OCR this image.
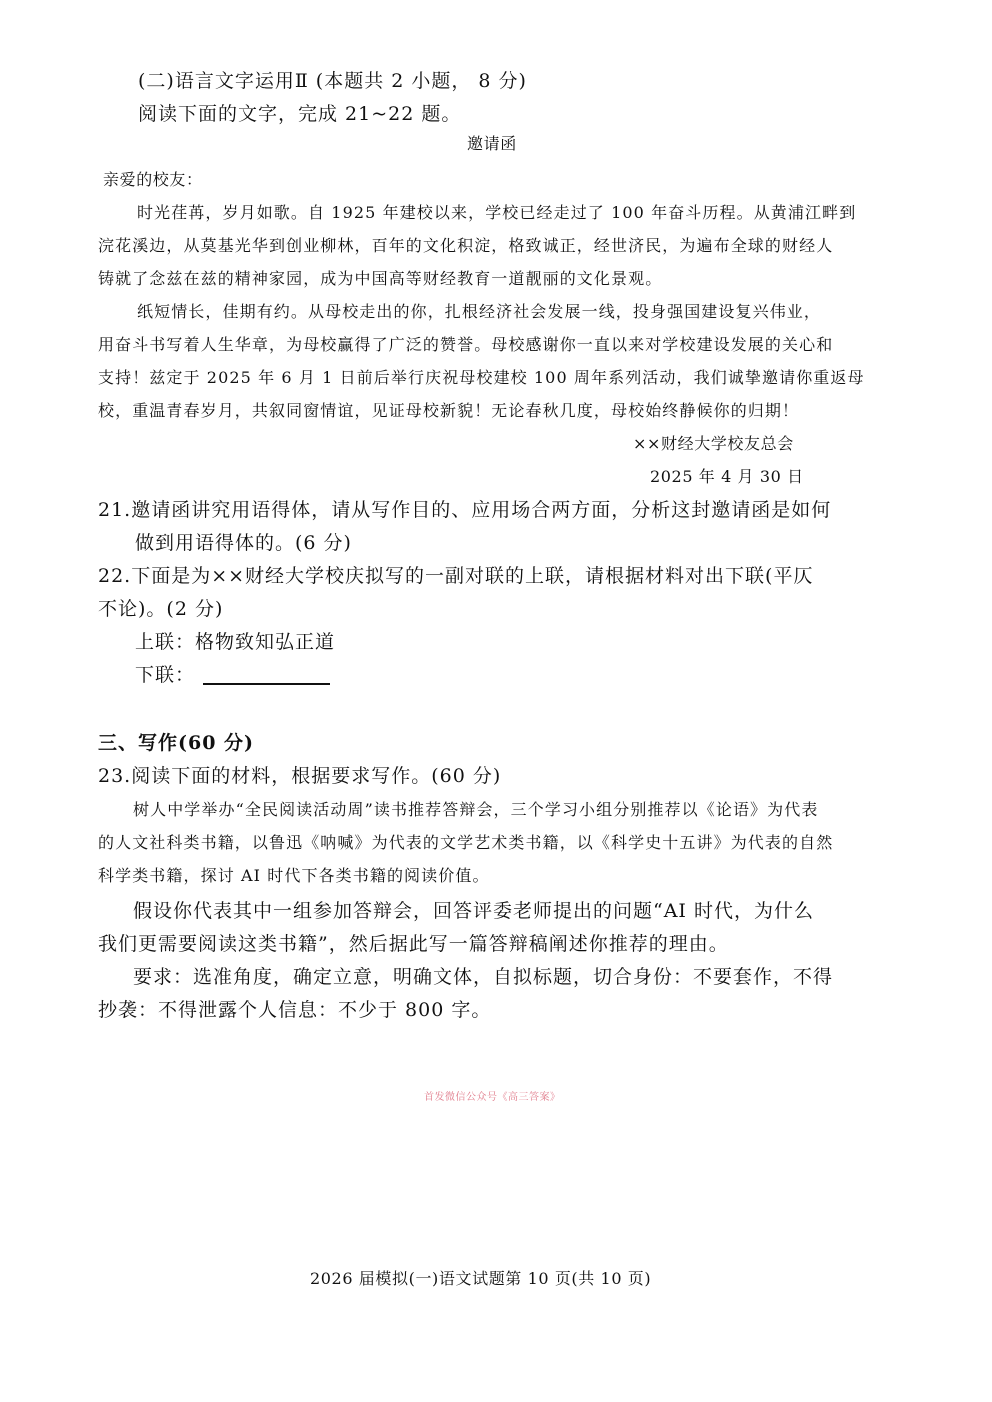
(二)语言文字运用Ⅱ (本题共 2 小题， 8 分)
阅读下面的文字，完成 21~22 题。
邀请函
亲爱的校友：
时光荏苒，岁月如歌。自 1925 年建校以来，学校已经走过了 100 年奋斗历程。从黄浦江畔到
浣花溪边，从莫基光华到创业柳林，百年的文化积淀，格致诚正，经世济民，为遍布全球的财经人
铸就了念兹在兹的精神家园，成为中国高等财经教育一道靓丽的文化景观。
纸短情长，佳期有约。从母校走出的你，扎根经济社会发展一线，投身强国建设复兴伟业，
用奋斗书写着人生华章，为母校赢得了广泛的赞誉。母校感谢你一直以来对学校建设发展的关心和
支持！兹定于 2025 年 6 月 1 日前后举行庆祝母校建校 100 周年系列活动，我们诚挚邀请你重返母
校，重温青春岁月，共叙同窗情谊，见证母校新貌！无论春秋几度，母校始终静候你的归期！
××财经大学校友总会
2025 年 4 月 30 日
21.邀请函讲究用语得体，请从写作目的、应用场合两方面，分析这封邀请函是如何
做到用语得体的。(6 分)
22.下面是为××财经大学校庆拟写的一副对联的上联，请根据材料对出下联(平仄
不论)。(2 分)
上联：格物致知弘正道
下联：
三、写作(60 分)
23.阅读下面的材料，根据要求写作。(60 分)
树人中学举办“全民阅读活动周”读书推荐答辩会，三个学习小组分别推荐以《论语》为代表
的人文社科类书籍，以鲁迅《呐喊》为代表的文学艺术类书籍，以《科学史十五讲》为代表的自然
科学类书籍，探讨 AI 时代下各类书籍的阅读价值。
假设你代表其中一组参加答辩会，回答评委老师提出的问题“AI 时代，为什么
我们更需要阅读这类书籍”，然后据此写一篇答辩稿阐述你推荐的理由。
要求：选准角度，确定立意，明确文体，自拟标题，切合身份：不要套作，不得
抄袭：不得泄露个人信息：不少于 800 字。
首发微信公众号《高三答案》
2026 届模拟(一)语文试题第 10 页(共 10 页)
